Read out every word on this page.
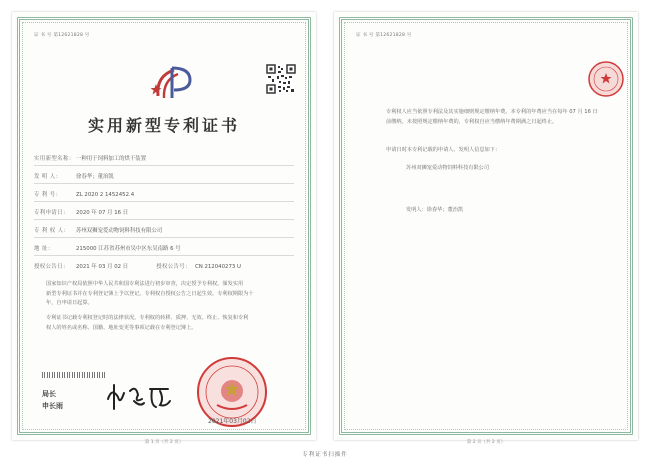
证 书 号 第12621828 号
实用新型专利证书
实用新型名称： 一种用于饲料加工的烘干装置
发 明 人：	徐春华；董治凯
专 利 号：	ZL 2020 2 1452452.4
专利申请日：	2020 年 07 月 16 日
专 利 权 人：	苏州双狮宠爱动物饲料科技有限公司
地 址：	215000 江苏省苏州市吴中区东吴南路 6 号
授权公告日：	2021 年 03 月 02 日	授权公告号： CN 212040273 U
国家知识产权局依照中华人民共和国专利法进行初步审查，决定授予专利权，颁发实用
新型专利证书并在专利登记簿上予以登记。专利权自授权公告之日起生效。专利权期限为十
年，自申请日起算。
专利证书记载专利权登记时的法律状况。专利权的转移、质押、无效、终止、恢复和专利
权人的姓名或名称、国籍、地址变更等事项记载在专利登记簿上。
局长
申长雨
2021年03月02日
第 1 页（共 2 页）
证 书 号 第12621828 号
专利权人应当依照专利法及其实施细则规定缴纳年费。本专利的年费应当在每年 07 月 16 日
前缴纳。未按照规定缴纳年费的，专利权自应当缴纳年费期满之日起终止。
申请日时本专利记载的申请人、发明人信息如下：
苏州双狮宠爱动物饲料科技有限公司
发明人：徐春华；董治凯
第 2 页（共 2 页）
专利证书扫描件
